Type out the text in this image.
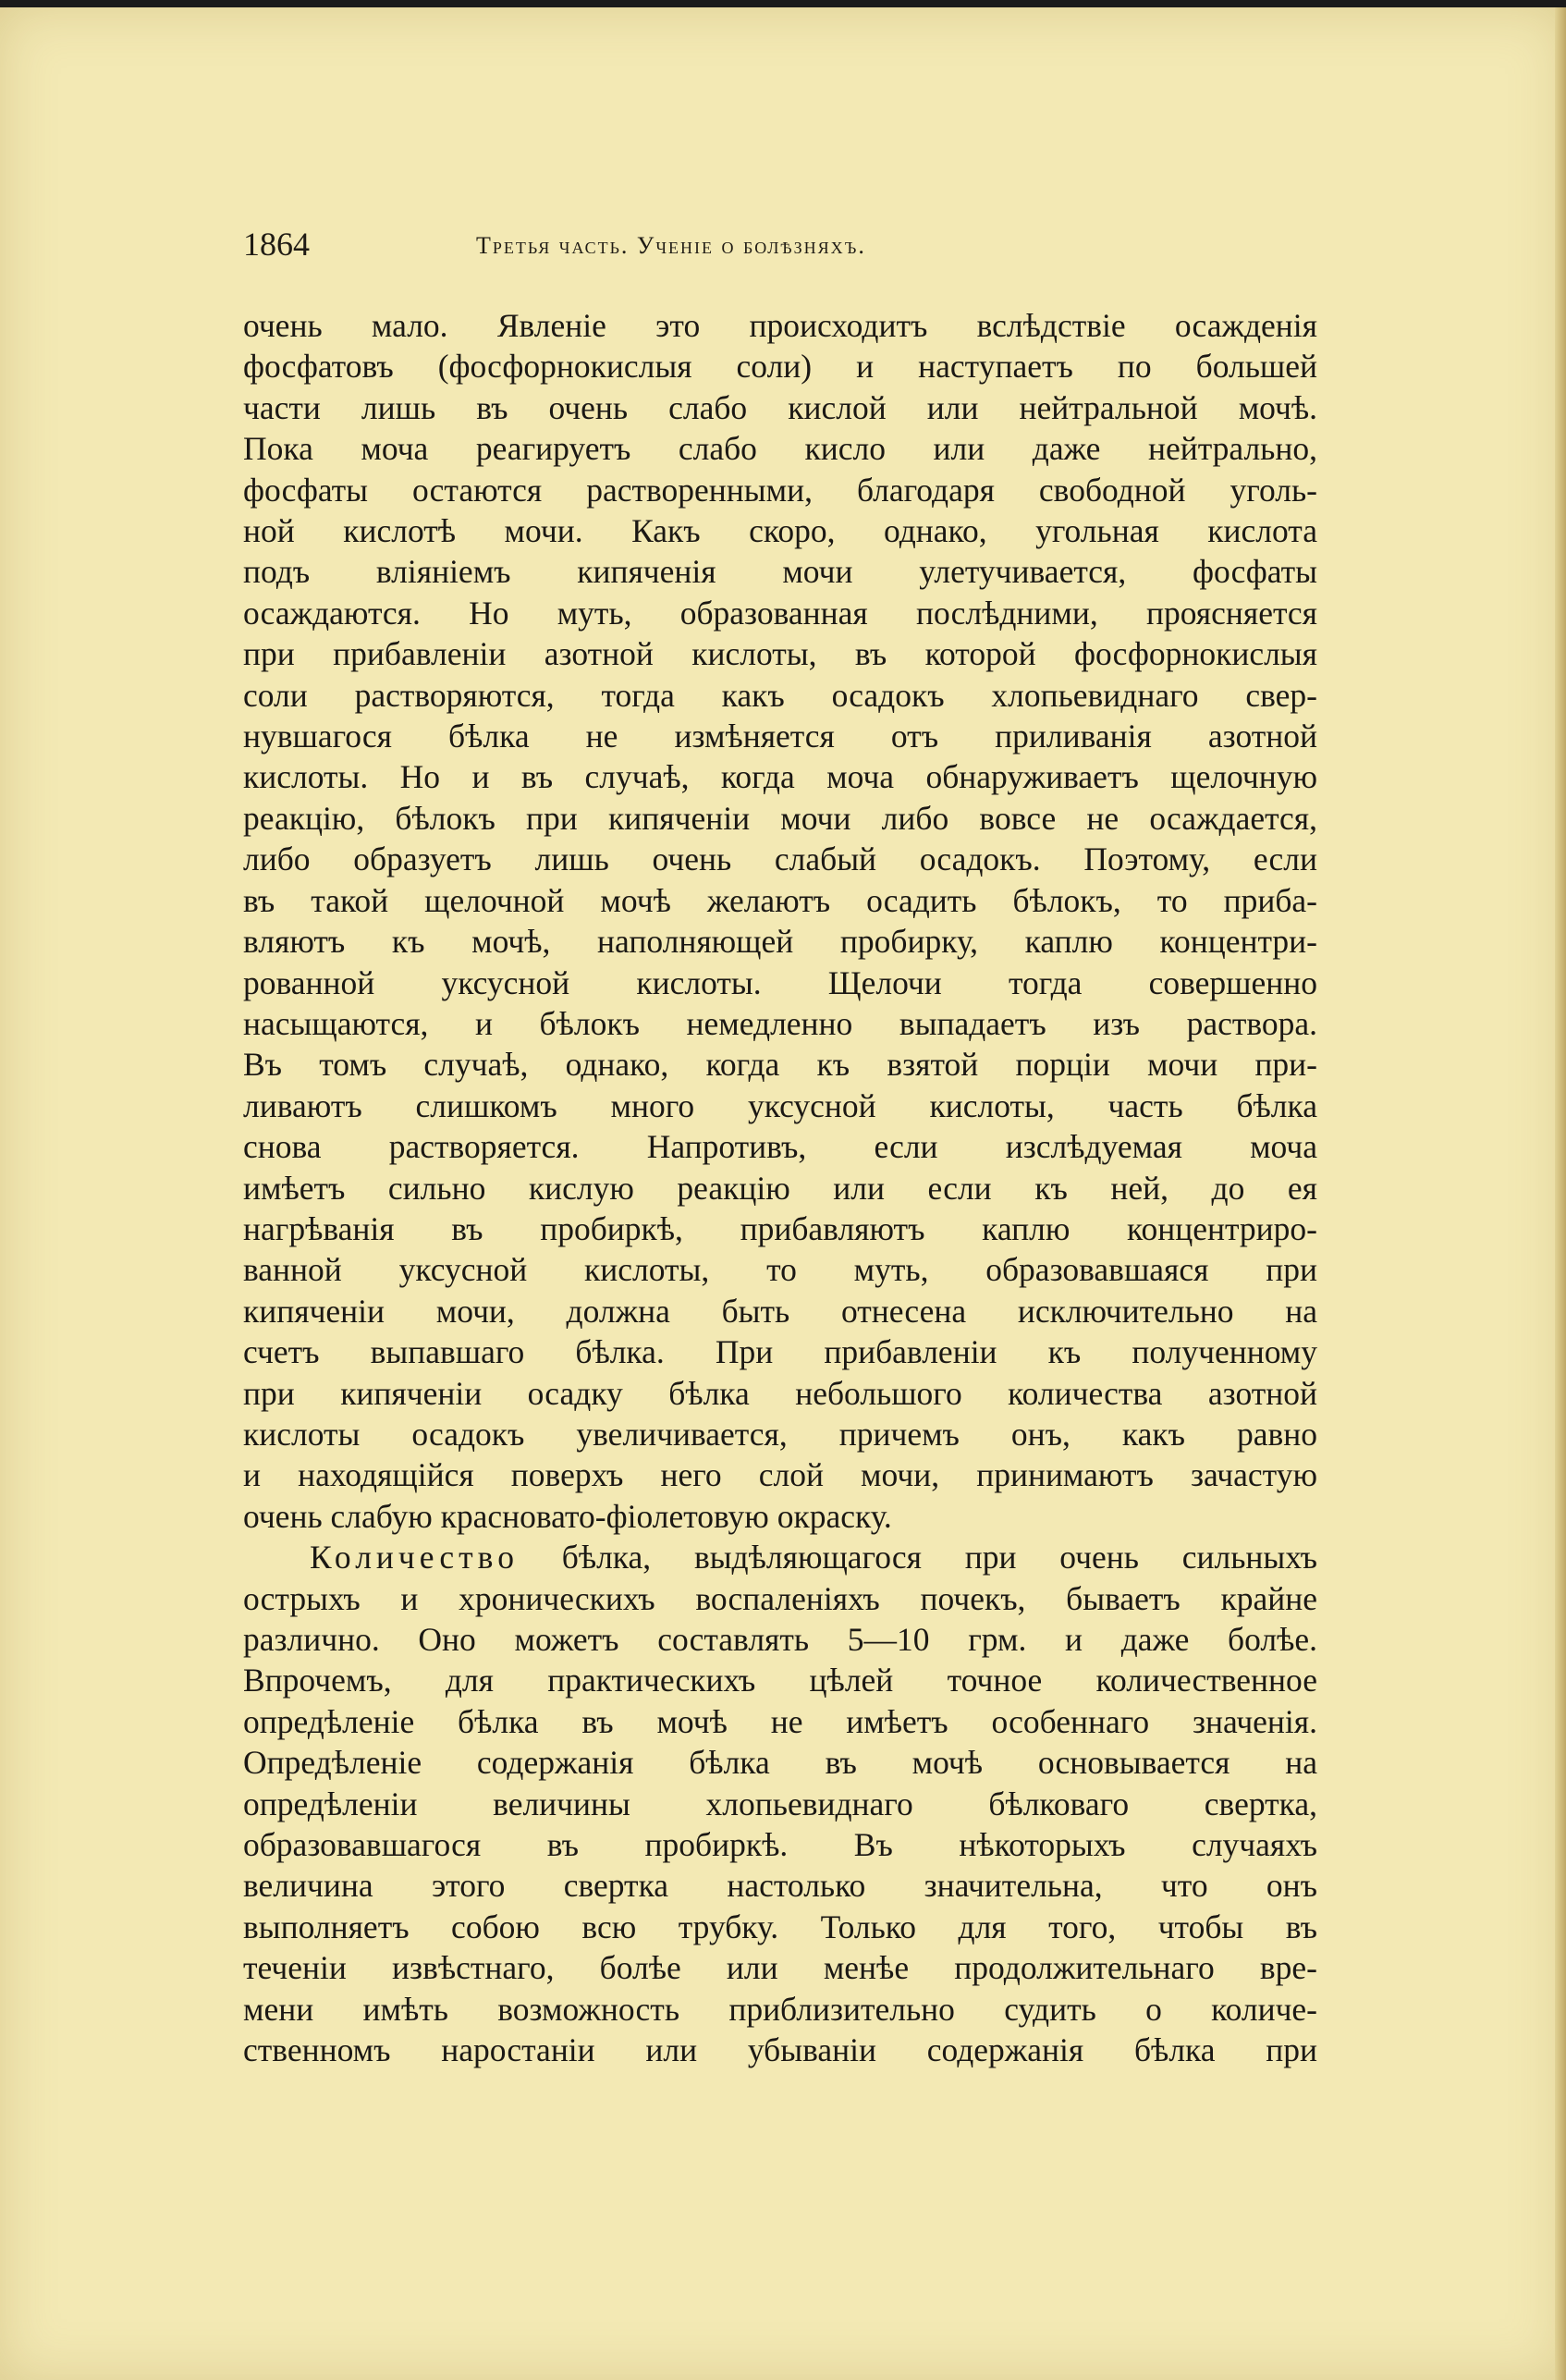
1864	Третья часть. Ученіе о болѣзняхъ.
очень мало. Явленіе это происходитъ вслѣдствіе осажденія
фосфатовъ (фосфорнокислыя соли) и наступаетъ по большей
части лишь въ очень слабо кислой или нейтральной мочѣ.
Пока моча реагируетъ слабо кисло или даже нейтрально,
фосфаты остаются растворенными, благодаря свободной уголь-
ной кислотѣ мочи. Какъ скоро, однако, угольная кислота
подъ вліяніемъ кипяченія мочи улетучивается, фосфаты
осаждаются. Но муть, образованная послѣдними, проясняется
при прибавленіи азотной кислоты, въ которой фосфорнокислыя
соли растворяются, тогда какъ осадокъ хлопьевиднаго свер-
нувшагося бѣлка не измѣняется отъ приливанія азотной
кислоты. Но и въ случаѣ, когда моча обнаруживаетъ щелочную
реакцію, бѣлокъ при кипяченіи мочи либо вовсе не осаждается,
либо образуетъ лишь очень слабый осадокъ. Поэтому, если
въ такой щелочной мочѣ желаютъ осадить бѣлокъ, то приба-
вляютъ къ мочѣ, наполняющей пробирку, каплю концентри-
рованной уксусной кислоты. Щелочи тогда совершенно
насыщаются, и бѣлокъ немедленно выпадаетъ изъ раствора.
Въ томъ случаѣ, однако, когда къ взятой порціи мочи при-
ливаютъ слишкомъ много уксусной кислоты, часть бѣлка
снова растворяется. Напротивъ, если изслѣдуемая моча
имѣетъ сильно кислую реакцію или если къ ней, до ея
нагрѣванія въ пробиркѣ, прибавляютъ каплю концентриро-
ванной уксусной кислоты, то муть, образовавшаяся при
кипяченіи мочи, должна быть отнесена исключительно на
счетъ выпавшаго бѣлка. При прибавленіи къ полученному
при кипяченіи осадку бѣлка небольшого количества азотной
кислоты осадокъ увеличивается, причемъ онъ, какъ равно
и находящійся поверхъ него слой мочи, принимаютъ зачастую
очень слабую красновато-фіолетовую окраску.
Количество бѣлка, выдѣляющагося при очень сильныхъ
острыхъ и хроническихъ воспаленіяхъ почекъ, бываетъ крайне
различно. Оно можетъ составлять 5—10 грм. и даже болѣе.
Впрочемъ, для практическихъ цѣлей точное количественное
опредѣленіе бѣлка въ мочѣ не имѣетъ особеннаго значенія.
Опредѣленіе содержанія бѣлка въ мочѣ основывается на
опредѣленіи величины хлопьевиднаго бѣлковаго свертка,
образовавшагося въ пробиркѣ. Въ нѣкоторыхъ случаяхъ
величина этого свертка настолько значительна, что онъ
выполняетъ собою всю трубку. Только для того, чтобы въ
теченіи извѣстнаго, болѣе или менѣе продолжительнаго вре-
мени имѣть возможность приблизительно судить о количе-
ственномъ наростаніи или убываніи содержанія бѣлка при
